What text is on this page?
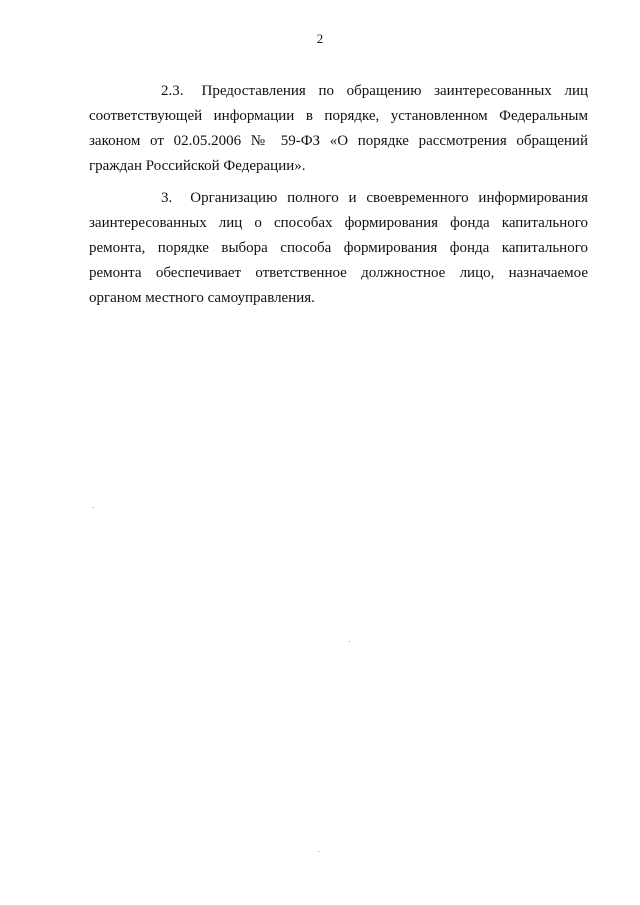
2

2.3. Предоставления по обращению заинтересованных лиц соответствующей информации в порядке, установленном Федеральным законом от 02.05.2006 № 59-ФЗ «О порядке рассмотрения обращений граждан Российской Федерации».

3. Организацию полного и своевременного информирования заинтересованных лиц о способах формирования фонда капитального ремонта, порядке выбора способа формирования фонда капитального ремонта обеспечивает ответственное должностное лицо, назначаемое органом местного самоуправления.
